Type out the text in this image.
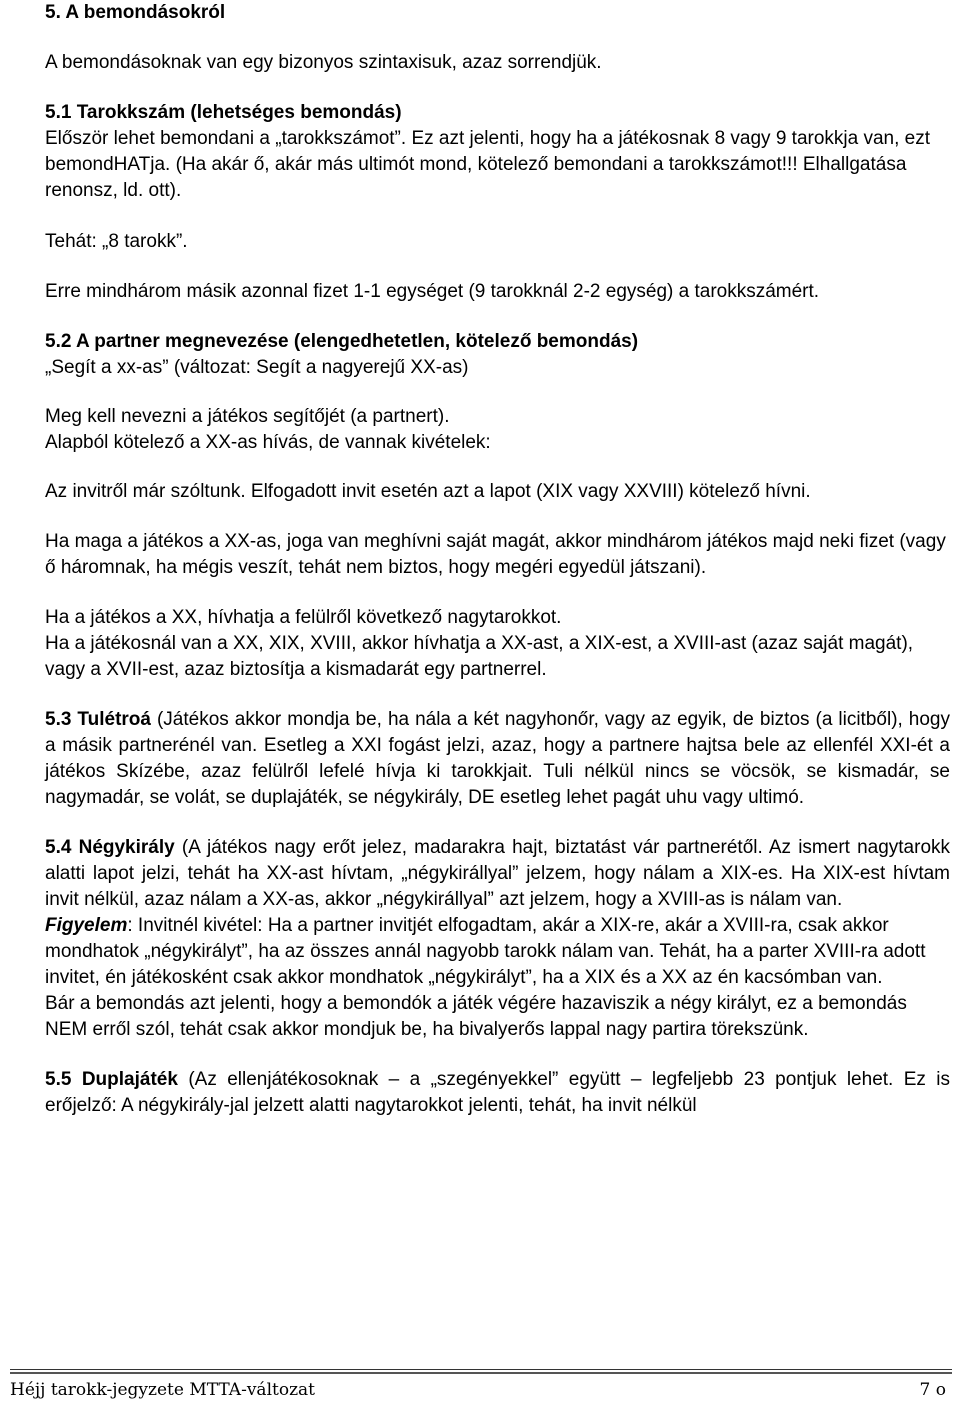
5. A bemondásokról

A bemondásoknak van egy bizonyos szintaxisuk, azaz sorrendjük.

5.1 Tarokkszám (lehetséges bemondás)

Először lehet bemondani a „tarokkszámot”. Ez azt jelenti, hogy ha a játékosnak 8 vagy 9 tarokkja van, ezt bemondHATja. (Ha akár ő, akár más ultimót mond, kötelező bemondani a tarokkszámot!!! Elhallgatása renonsz, ld. ott).

Tehát: „8 tarokk”.

Erre mindhárom másik azonnal fizet 1-1 egységet (9 tarokknál 2-2 egység) a tarokkszámért.

5.2 A partner megnevezése (elengedhetetlen, kötelező bemondás)

„Segít a xx-as” (változat: Segít a nagyerejű XX-as)

Meg kell nevezni a játékos segítőjét (a partnert).

Alapból kötelező a XX-as hívás, de vannak kivételek:

Az invitről már szóltunk. Elfogadott invit esetén azt a lapot (XIX vagy XXVIII) kötelező hívni.

Ha maga a játékos a XX-as, joga van meghívni saját magát, akkor mindhárom játékos majd neki fizet (vagy ő háromnak, ha mégis veszít, tehát nem biztos, hogy megéri egyedül játszani).

Ha a játékos a XX, hívhatja a felülről következő nagytarokkot.

Ha a játékosnál van a XX, XIX, XVIII, akkor hívhatja a XX-ast, a XIX-est, a XVIII-ast (azaz saját magát), vagy a XVII-est, azaz biztosítja a kismadarát egy partnerrel.

5.3 Tulétroá (Játékos akkor mondja be, ha nála a két nagyhonőr, vagy az egyik, de biztos (a licitből), hogy a másik partnerénél van. Esetleg a XXI fogást jelzi, azaz, hogy a partnere hajtsa bele az ellenfél XXI-ét a játékos Skízébe, azaz felülről lefelé hívja ki tarokkjait. Tuli nélkül nincs se vöcsök, se kismadár, se nagymadár, se volát, se duplajáték, se négykirály, DE esetleg lehet pagát uhu vagy ultimó.

5.4 Négykirály (A játékos nagy erőt jelez, madarakra hajt, biztatást vár partnerétől. Az ismert nagytarokk alatti lapot jelzi, tehát ha XX-ast hívtam, „négykirállyal” jelzem, hogy nálam a XIX-es. Ha XIX-est hívtam invit nélkül, azaz nálam a XX-as, akkor „négykirállyal” azt jelzem, hogy a XVIII-as is nálam van.

Figyelem: Invitnél kivétel: Ha a partner invitjét elfogadtam, akár a XIX-re, akár a XVIII-ra, csak akkor mondhatok „négykirályt”, ha az összes annál nagyobb tarokk nálam van. Tehát, ha a parter XVIII-ra adott invitet, én játékosként csak akkor mondhatok „négykirályt”, ha a XIX és a XX az én kacsómban van.

Bár a bemondás azt jelenti, hogy a bemondók a játék végére hazaviszik a négy királyt, ez a bemondás NEM erről szól, tehát csak akkor mondjuk be, ha bivalyerős lappal nagy partira törekszünk.

5.5 Duplajáték (Az ellenjátékosoknak – a „szegényekkel” együtt – legfeljebb 23 pontjuk lehet. Ez is erőjelző: A négykirály-jal jelzett alatti nagytarokkot jelenti, tehát, ha invit nélkül

Héjj tarokk-jegyzete MTTA-változat	7 o
